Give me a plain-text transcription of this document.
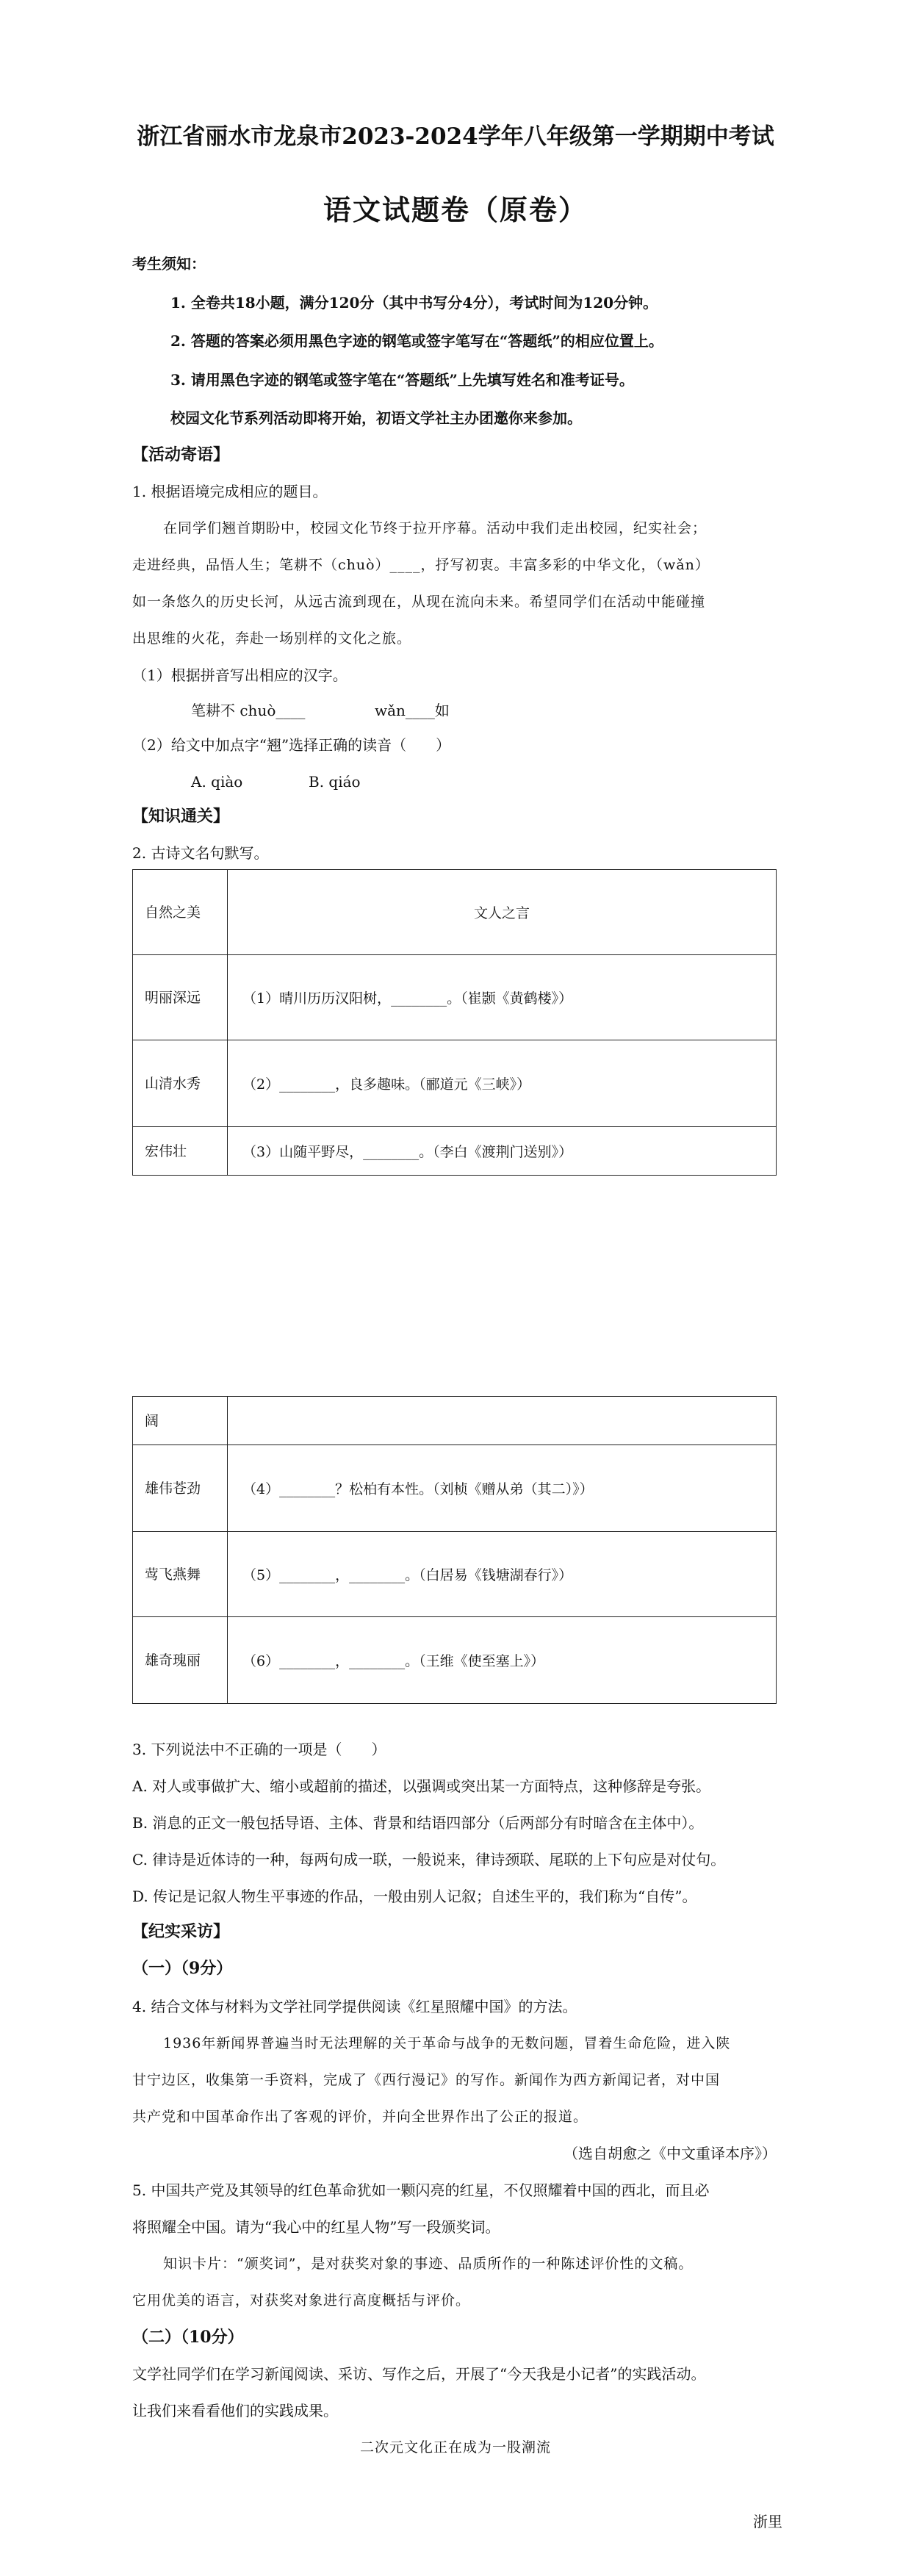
浙江省丽水市龙泉市2023-2024学年八年级第一学期期中考试
语文试题卷（原卷）
考生须知：
1. 全卷共18小题，满分120分（其中书写分4分），考试时间为120分钟。
2. 答题的答案必须用黑色字迹的钢笔或签字笔写在“答题纸”的相应位置上。
3. 请用黑色字迹的钢笔或签字笔在“答题纸”上先填写姓名和准考证号。
校园文化节系列活动即将开始，初语文学社主办团邀你来参加。
【活动寄语】
1. 根据语境完成相应的题目。
在同学们翘首期盼中，校园文化节终于拉开序幕。活动中我们走出校园，纪实社会；
走进经典，品悟人生；笔耕不（chuò）____，抒写初衷。丰富多彩的中华文化，（wǎn）
如一条悠久的历史长河，从远古流到现在，从现在流向未来。希望同学们在活动中能碰撞
出思维的火花，奔赴一场别样的文化之旅。
（1）根据拼音写出相应的汉字。
笔耕不 chuò____	wǎn____如
（2）给文中加点字“翘”选择正确的读音（　　）
A. qiào	B. qiáo
【知识通关】
2. 古诗文名句默写。
自然之美	文人之言

明丽深远	（1）晴川历历汉阳树，________。（崔颢《黄鹤楼》）

山清水秀	（2）________，良多趣味。（郦道元《三峡》）
宏伟壮	（3）山随平野尽，________。（李白《渡荆门送别》）
阔	

雄伟苍劲	（4）________？松柏有本性。（刘桢《赠从弟（其二）》）

莺飞燕舞	（5）________，________。（白居易《钱塘湖春行》）

雄奇瑰丽	（6）________，________。（王维《使至塞上》）
3. 下列说法中不正确的一项是（　　）
A. 对人或事做扩大、缩小或超前的描述，以强调或突出某一方面特点，这种修辞是夸张。
B. 消息的正文一般包括导语、主体、背景和结语四部分（后两部分有时暗含在主体中）。
C. 律诗是近体诗的一种，每两句成一联，一般说来，律诗颈联、尾联的上下句应是对仗句。
D. 传记是记叙人物生平事迹的作品，一般由别人记叙；自述生平的，我们称为“自传”。
【纪实采访】
（一）（9分）
4. 结合文体与材料为文学社同学提供阅读《红星照耀中国》的方法。
1936年新闻界普遍当时无法理解的关于革命与战争的无数问题，冒着生命危险，进入陕
甘宁边区，收集第一手资料，完成了《西行漫记》的写作。新闻作为西方新闻记者，对中国
共产党和中国革命作出了客观的评价，并向全世界作出了公正的报道。
（选自胡愈之《中文重译本序》）
5. 中国共产党及其领导的红色革命犹如一颗闪亮的红星，不仅照耀着中国的西北，而且必
将照耀全中国。请为“我心中的红星人物”写一段颁奖词。
知识卡片：“颁奖词”，是对获奖对象的事迹、品质所作的一种陈述评价性的文稿。
它用优美的语言，对获奖对象进行高度概括与评价。
（二）（10分）
文学社同学们在学习新闻阅读、采访、写作之后，开展了“今天我是小记者”的实践活动。
让我们来看看他们的实践成果。
二次元文化正在成为一股潮流
浙里
